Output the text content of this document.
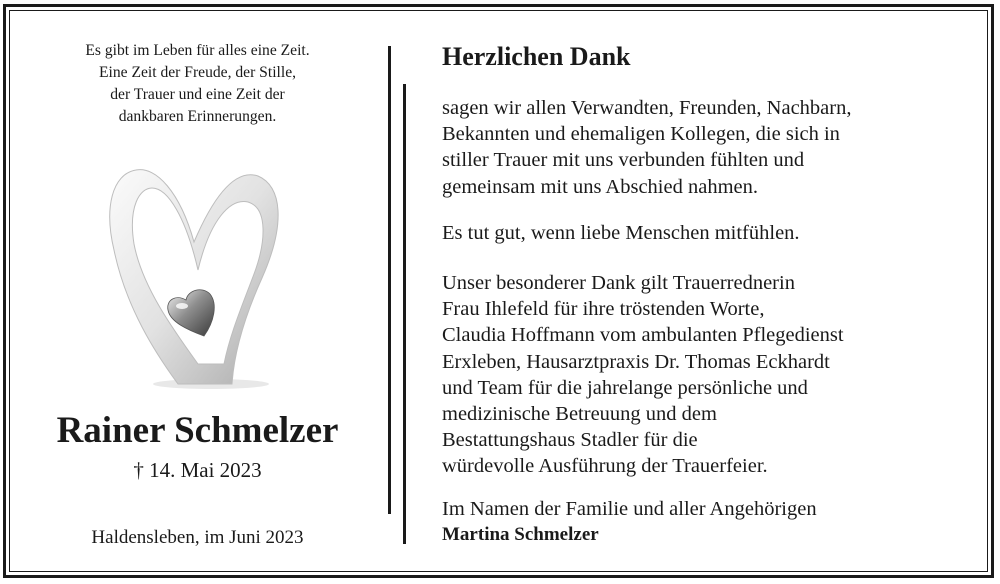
Es gibt im Leben für alles eine Zeit.
Eine Zeit der Freude, der Stille,
der Trauer und eine Zeit der
dankbaren Erinnerungen.
Rainer Schmelzer
† 14. Mai 2023
Haldensleben, im Juni 2023
Herzlichen Dank
sagen wir allen Verwandten, Freunden, Nachbarn,
Bekannten und ehemaligen Kollegen, die sich in
stiller Trauer mit uns verbunden fühlten und
gemeinsam mit uns Abschied nahmen.
Es tut gut, wenn liebe Menschen mitfühlen.
Unser besonderer Dank gilt Trauerrednerin
Frau Ihlefeld für ihre tröstenden Worte,
Claudia Hoffmann vom ambulanten Pflegedienst
Erxleben, Hausarztpraxis Dr. Thomas Eckhardt
und Team für die jahrelange persönliche und
medizinische Betreuung und dem
Bestattungshaus Stadler für die
würdevolle Ausführung der Trauerfeier.
Im Namen der Familie und aller Angehörigen
Martina Schmelzer
